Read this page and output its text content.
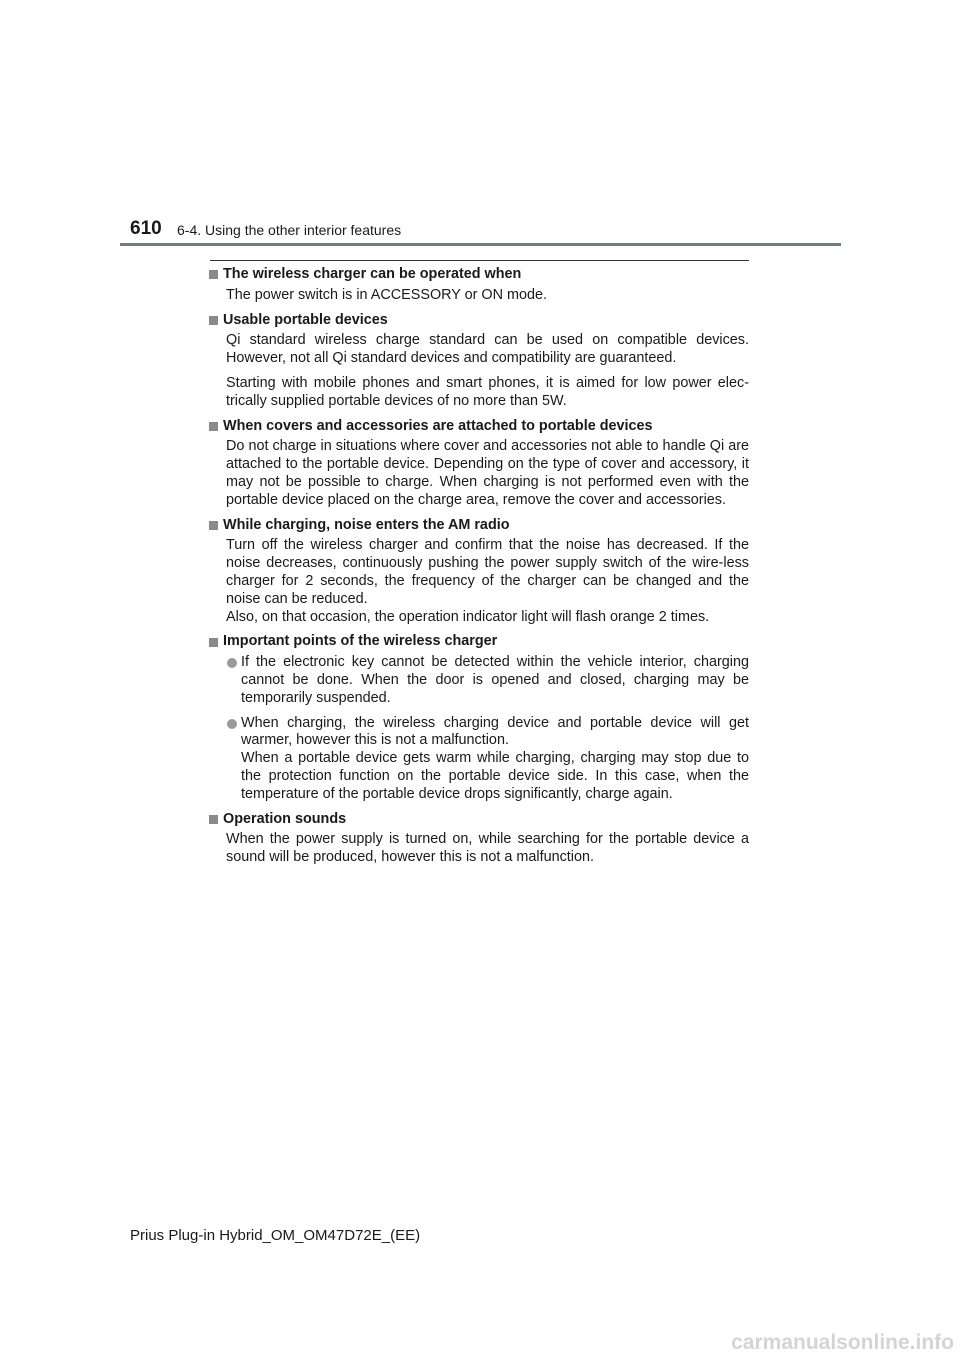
610 6-4. Using the other interior features
The wireless charger can be operated when

The power switch is in ACCESSORY or ON mode.

Usable portable devices

Qi standard wireless charge standard can be used on compatible devices. However, not all Qi standard devices and compatibility are guaranteed.

Starting with mobile phones and smart phones, it is aimed for low power elec-trically supplied portable devices of no more than 5W.

When covers and accessories are attached to portable devices

Do not charge in situations where cover and accessories not able to handle Qi are attached to the portable device. Depending on the type of cover and accessory, it may not be possible to charge. When charging is not performed even with the portable device placed on the charge area, remove the cover and accessories.

While charging, noise enters the AM radio

Turn off the wireless charger and confirm that the noise has decreased. If the noise decreases, continuously pushing the power supply switch of the wire-less charger for 2 seconds, the frequency of the charger can be changed and the noise can be reduced.

Also, on that occasion, the operation indicator light will flash orange 2 times.

Important points of the wireless charger
If the electronic key cannot be detected within the vehicle interior, charging cannot be done. When the door is opened and closed, charging may be temporarily suspended.
When charging, the wireless charging device and portable device will get warmer, however this is not a malfunction.
When a portable device gets warm while charging, charging may stop due to the protection function on the portable device side. In this case, when the temperature of the portable device drops significantly, charge again.
Operation sounds

When the power supply is turned on, while searching for the portable device a sound will be produced, however this is not a malfunction.

Prius Plug-in Hybrid_OM_OM47D72E_(EE)
carmanualsonline.info
